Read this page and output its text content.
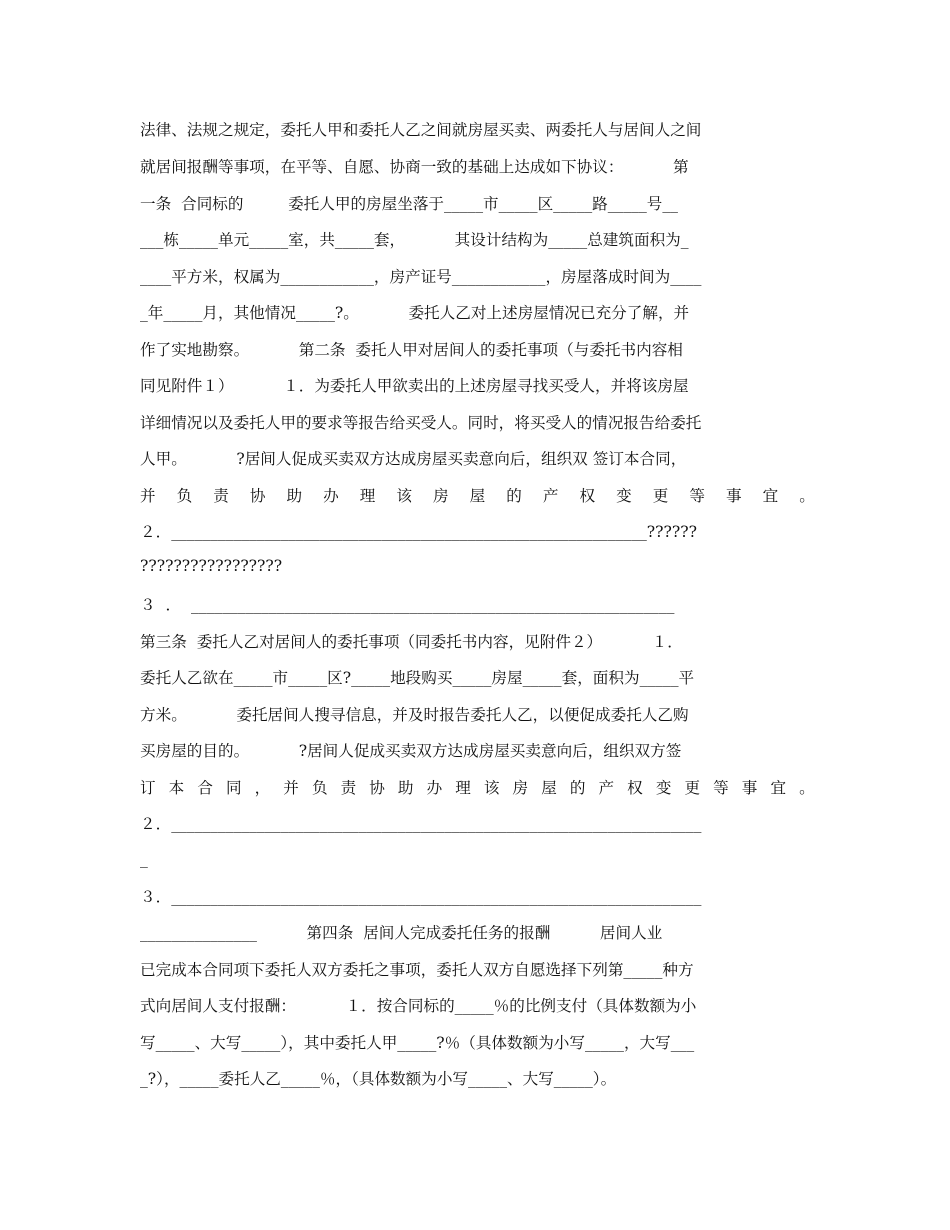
法律、法规之规定，委托人甲和委托人乙之间就房屋买卖、两委托人与居间人之间
就居间报酬等事项，在平等、自愿、协商一致的基础上达成如下协议：          第
一条  合同标的         委托人甲的房屋坐落于_____市_____区_____路_____号__
___栋_____单元_____室，共_____套，          其设计结构为_____总建筑面积为_
____平方米，权属为____________，房产证号____________，房屋落成时间为____
_年_____月，其他情况_____?。          委托人乙对上述房屋情况已充分了解，并
作了实地勘察。          第二条  委托人甲对居间人的委托事项（与委托书内容相
同见附件１）          １．为委托人甲欲卖出的上述房屋寻找买受人，并将该房屋
详细情况以及委托人甲的要求等报告给买受人。同时，将买受人的情况报告给委托
人甲。          ?居间人促成买卖双方达成房屋买卖意向后，组织双 签订本合同，
并 负 责 协 助 办 理 该 房 屋 的 产 权 变 更 等 事 宜 。
２．_____________________________________________________________??????
?????????????????
３  ．  ______________________________________________________________
第三条  委托人乙对居间人的委托事项（同委托书内容，见附件２）          １．
委托人乙欲在_____市_____区?_____地段购买_____房屋_____套，面积为_____平
方米。          委托居间人搜寻信息，并及时报告委托人乙，以便促成委托人乙购
买房屋的目的。          ?居间人促成买卖双方达成房屋买卖意向后，组织双方签
订 本 合 同 ， 并 负 责 协 助 办 理 该 房 屋 的 产 权 变 更 等 事 宜 。
２．____________________________________________________________________
_
３．____________________________________________________________________
_______________          第四条  居间人完成委托任务的报酬          居间人业
已完成本合同项下委托人双方委托之事项，委托人双方自愿选择下列第_____种方
式向居间人支付报酬：          １．按合同标的_____％的比例支付（具体数额为小
写_____、大写_____），其中委托人甲_____?％（具体数额为小写_____，大写___
_?），_____委托人乙_____％，（具体数额为小写_____、大写_____）。
